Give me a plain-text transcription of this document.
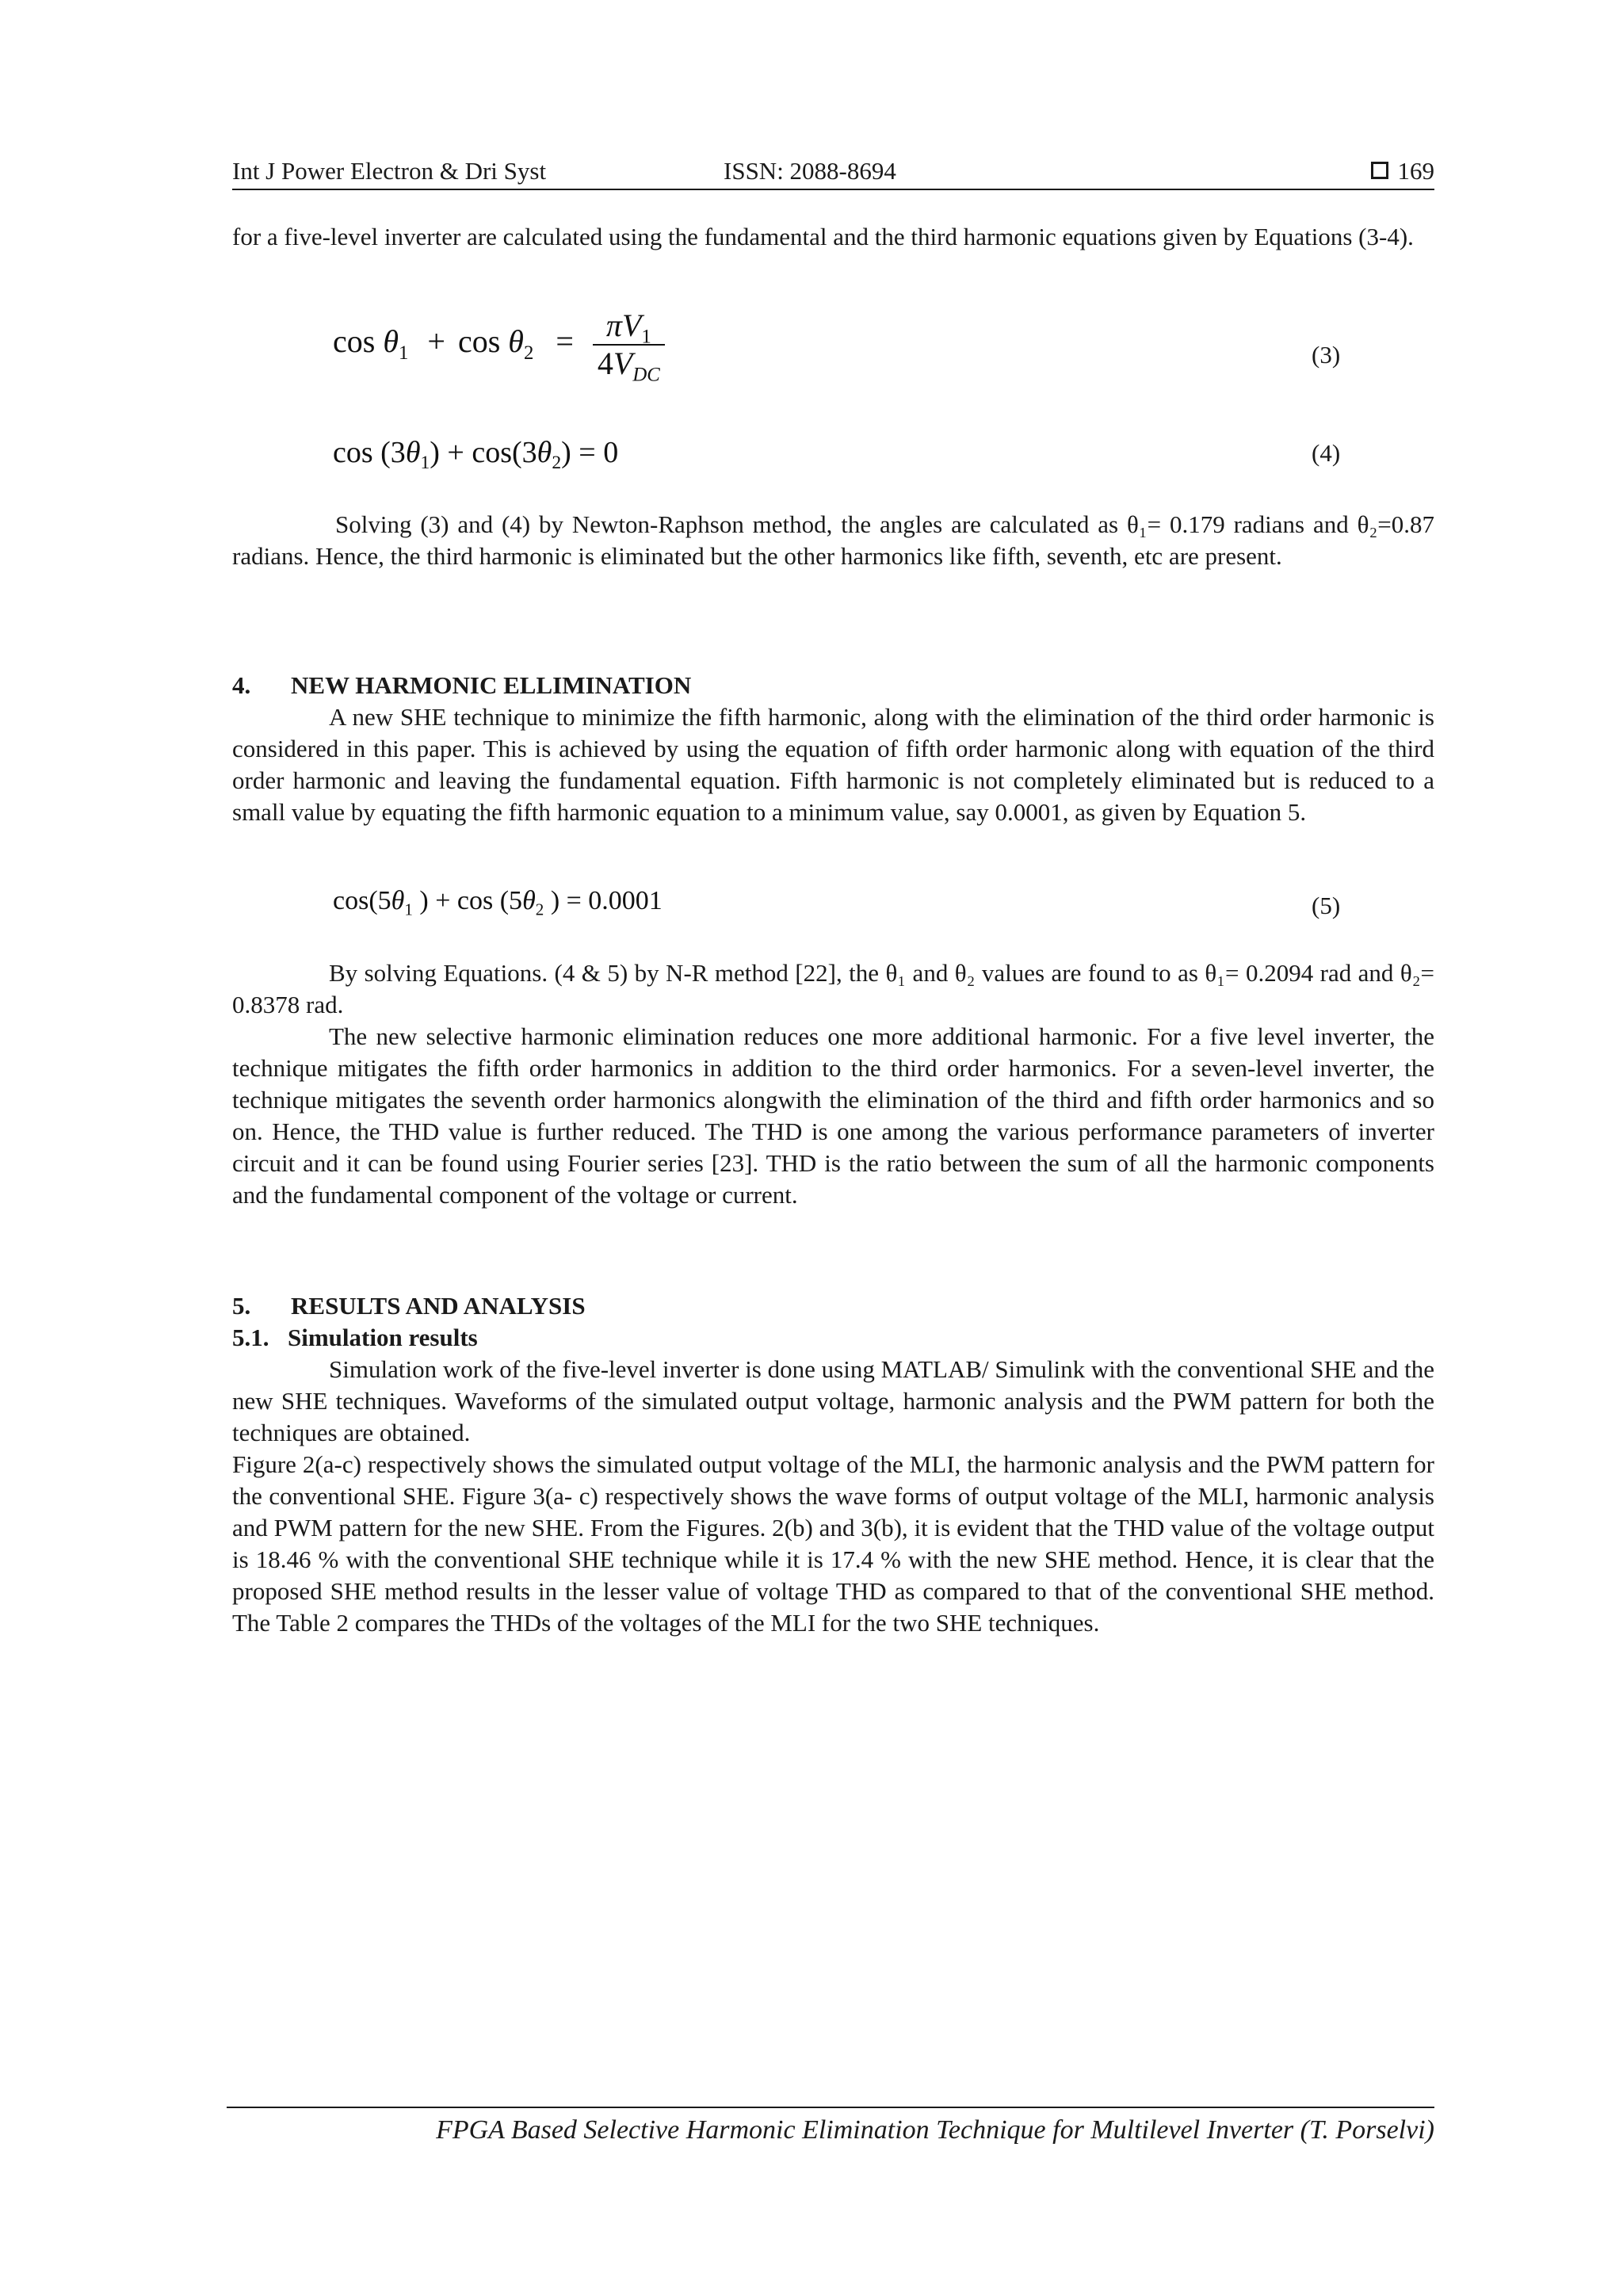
Int J Power Electron & Dri Syst	ISSN: 2088-8694	169

for a five-level inverter are calculated using the fundamental and the third harmonic equations given by Equations (3-4).

$\cos \theta_1 + \cos \theta_2 = \frac{\pi V_1}{4V_{DC}}$	(3)
$\cos (3\theta_1) + \cos(3\theta_2) = 0$	(4)

Solving (3) and (4) by Newton-Raphson method, the angles are calculated as θ₁= 0.179 radians and θ₂=0.87 radians. Hence, the third harmonic is eliminated but the other harmonics like fifth, seventh, etc are present.

4. NEW HARMONIC ELLIMINATION

A new SHE technique to minimize the fifth harmonic, along with the elimination of the third order harmonic is considered in this paper. This is achieved by using the equation of fifth order harmonic along with equation of the third order harmonic and leaving the fundamental equation. Fifth harmonic is not completely eliminated but is reduced to a small value by equating the fifth harmonic equation to a minimum value, say 0.0001, as given by Equation 5.

$\cos(5\theta_1$ ) + $\cos (5\theta_2$ ) = 0.0001	(5)

By solving Equations. (4 & 5) by N-R method [22], the θ₁ and θ₂ values are found to as θ₁= 0.2094 rad and θ₂= 0.8378 rad.

The new selective harmonic elimination reduces one more additional harmonic. For a five level inverter, the technique mitigates the fifth order harmonics in addition to the third order harmonics. For a seven-level inverter, the technique mitigates the seventh order harmonics alongwith the elimination of the third and fifth order harmonics and so on. Hence, the THD value is further reduced. The THD is one among the various performance parameters of inverter circuit and it can be found using Fourier series [23]. THD is the ratio between the sum of all the harmonic components and the fundamental component of the voltage or current.

5. RESULTS AND ANALYSIS
5.1. Simulation results

Simulation work of the five-level inverter is done using MATLAB/ Simulink with the conventional SHE and the new SHE techniques. Waveforms of the simulated output voltage, harmonic analysis and the PWM pattern for both the techniques are obtained.

Figure 2(a-c) respectively shows the simulated output voltage of the MLI, the harmonic analysis and the PWM pattern for the conventional SHE. Figure 3(a- c) respectively shows the wave forms of output voltage of the MLI, harmonic analysis and PWM pattern for the new SHE. From the Figures. 2(b) and 3(b), it is evident that the THD value of the voltage output is 18.46 % with the conventional SHE technique while it is 17.4 % with the new SHE method. Hence, it is clear that the proposed SHE method results in the lesser value of voltage THD as compared to that of the conventional SHE method. The Table 2 compares the THDs of the voltages of the MLI for the two SHE techniques.

FPGA Based Selective Harmonic Elimination Technique for Multilevel Inverter (T. Porselvi)
